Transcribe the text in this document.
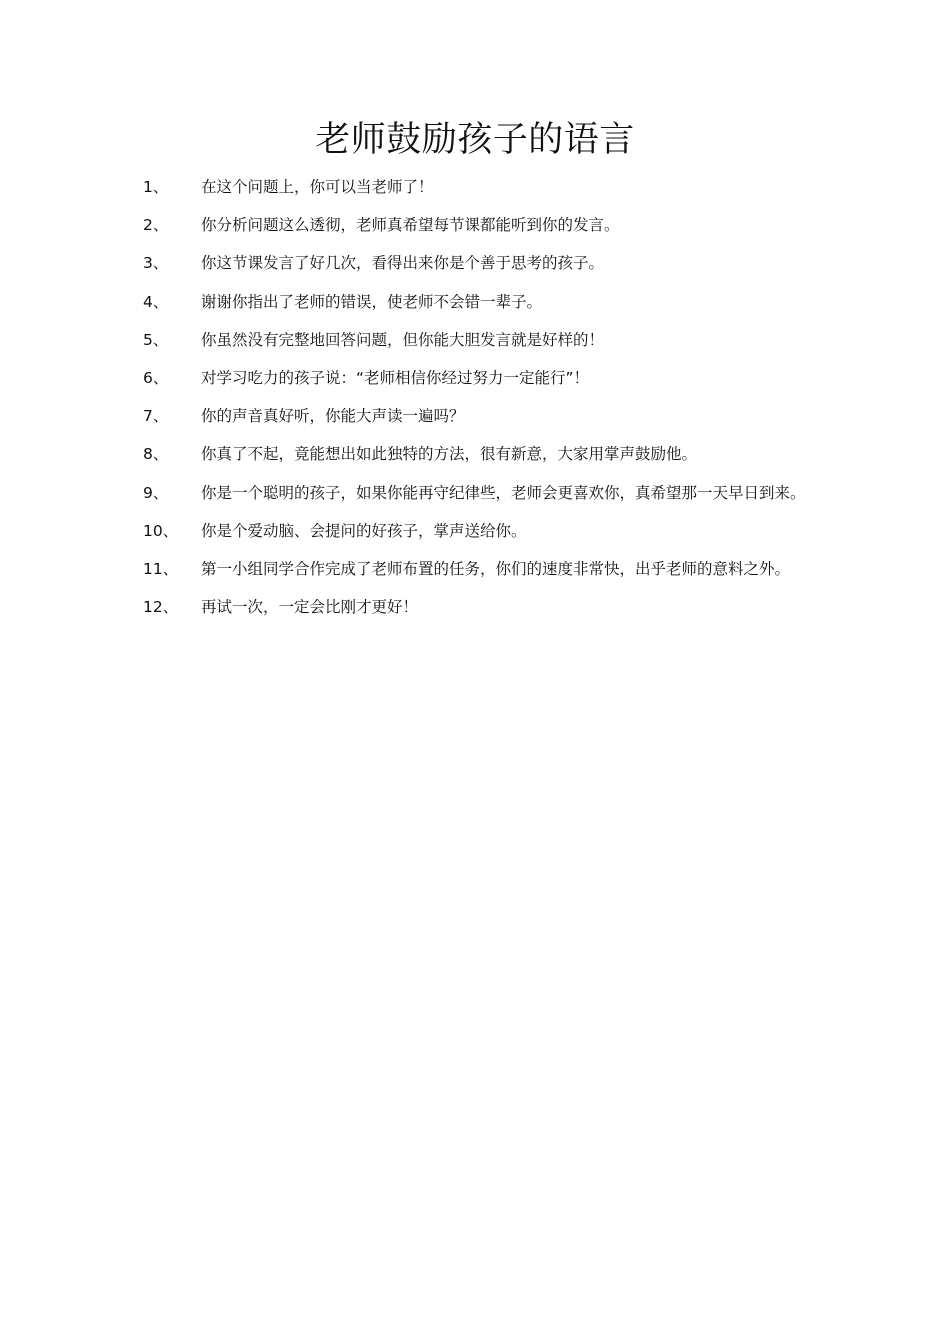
老师鼓励孩子的语言
1、	在这个问题上，你可以当老师了！
2、	你分析问题这么透彻，老师真希望每节课都能听到你的发言。
3、	你这节课发言了好几次，看得出来你是个善于思考的孩子。
4、	谢谢你指出了老师的错误，使老师不会错一辈子。
5、	你虽然没有完整地回答问题，但你能大胆发言就是好样的！
6、	对学习吃力的孩子说：“老师相信你经过努力一定能行”！
7、	你的声音真好听，你能大声读一遍吗？
8、	你真了不起，竟能想出如此独特的方法，很有新意，大家用掌声鼓励他。
9、	你是一个聪明的孩子，如果你能再守纪律些，老师会更喜欢你，真希望那一天早日到来。
10、	你是个爱动脑、会提问的好孩子，掌声送给你。
11、	第一小组同学合作完成了老师布置的任务，你们的速度非常快，出乎老师的意料之外。
12、	再试一次，一定会比刚才更好！
